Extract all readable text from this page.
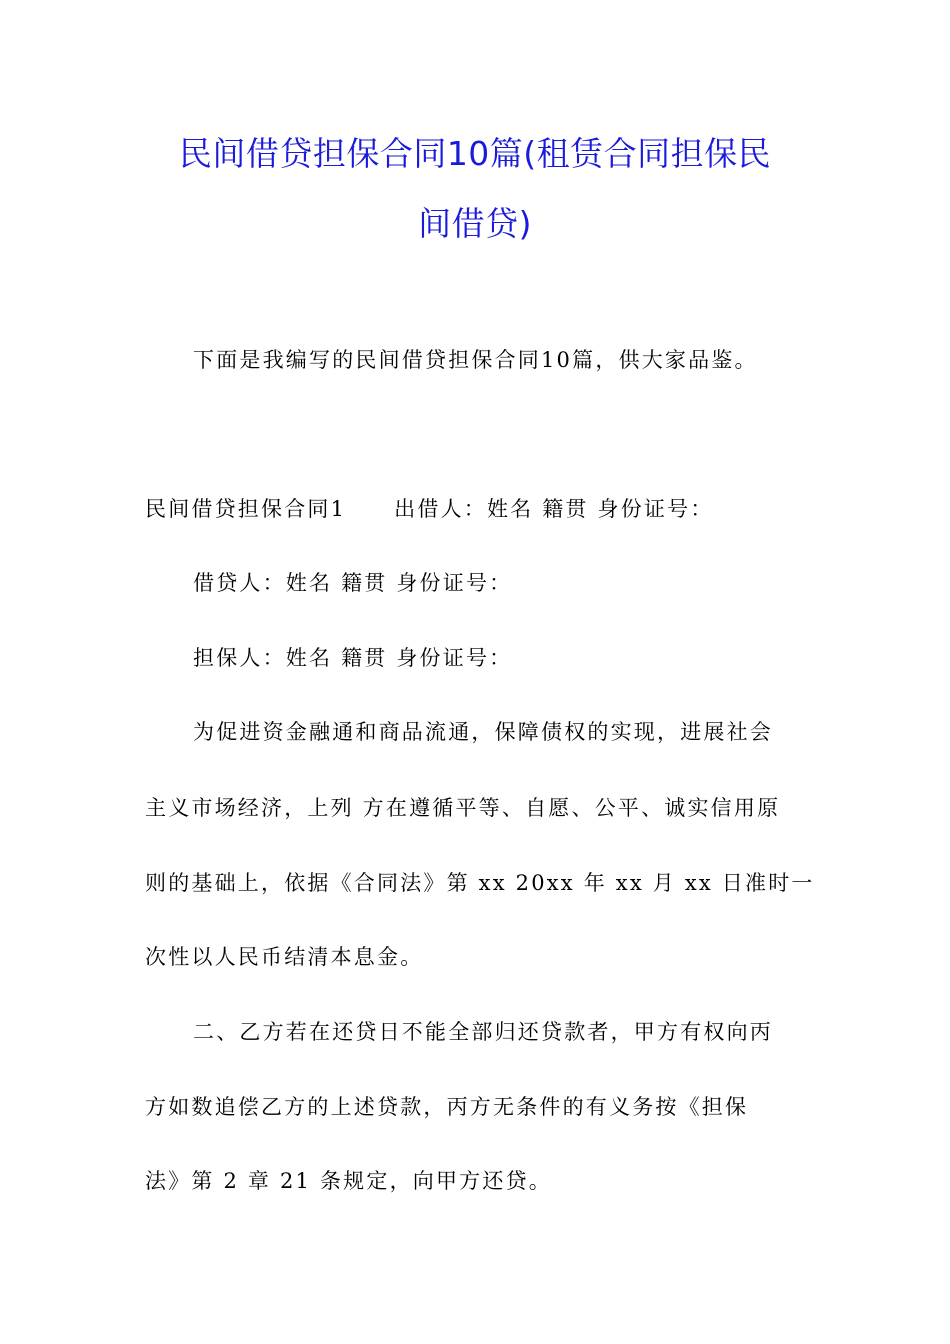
民间借贷担保合同10篇(租赁合同担保民
间借贷)
下面是我编写的民间借贷担保合同10篇，供大家品鉴。
民间借贷担保合同1 出借人：姓名 籍贯 身份证号：
借贷人：姓名 籍贯 身份证号：
担保人：姓名 籍贯 身份证号：
为促进资金融通和商品流通，保障债权的实现，进展社会
主义市场经济，上列 方在遵循平等、自愿、公平、诚实信用原
则的基础上，依据《合同法》第 xx 20xx 年 xx 月 xx 日准时一
次性以人民币结清本息金。
二、乙方若在还贷日不能全部归还贷款者，甲方有权向丙
方如数追偿乙方的上述贷款，丙方无条件的有义务按《担保
法》第 2 章 21 条规定，向甲方还贷。
